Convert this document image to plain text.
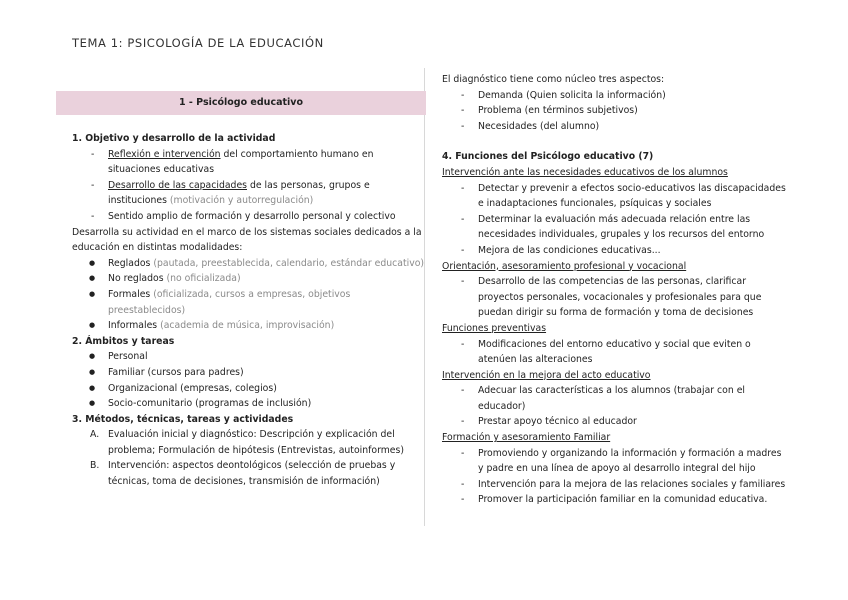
TEMA 1: PSICOLOGÍA DE LA EDUCACIÓN
1 - Psicólogo educativo
1. Objetivo y desarrollo de la actividad
- Reflexión e intervención del comportamiento humano en situaciones educativas
- Desarrollo de las capacidades de las personas, grupos e instituciones (motivación y autorregulación)
- Sentido amplio de formación y desarrollo personal y colectivo
Desarrolla su actividad en el marco de los sistemas sociales dedicados a la educación en distintas modalidades:
● Reglados (pautada, preestablecida, calendario, estándar educativo)
● No reglados (no oficializada)
● Formales (oficializada, cursos a empresas, objetivos preestablecidos)
● Informales (academia de música, improvisación)
2. Ámbitos y tareas
● Personal
● Familiar (cursos para padres)
● Organizacional (empresas, colegios)
● Socio-comunitario (programas de inclusión)
3. Métodos, técnicas, tareas y actividades
A. Evaluación inicial y diagnóstico: Descripción y explicación del problema; Formulación de hipótesis (Entrevistas, autoinformes)
B. Intervención: aspectos deontológicos (selección de pruebas y técnicas, toma de decisiones, transmisión de información)
El diagnóstico tiene como núcleo tres aspectos:
- Demanda (Quien solicita la información)
- Problema (en términos subjetivos)
- Necesidades (del alumno)
4. Funciones del Psicólogo educativo (7)
Intervención ante las necesidades educativos de los alumnos
- Detectar y prevenir a efectos socio-educativos las discapacidades e inadaptaciones funcionales, psíquicas y sociales
- Determinar la evaluación más adecuada relación entre las necesidades individuales, grupales y los recursos del entorno
- Mejora de las condiciones educativas...
Orientación, asesoramiento profesional y vocacional
- Desarrollo de las competencias de las personas, clarificar proyectos personales, vocacionales y profesionales para que puedan dirigir su forma de formación y toma de decisiones
Funciones preventivas
- Modificaciones del entorno educativo y social que eviten o atenúen las alteraciones
Intervención en la mejora del acto educativo
- Adecuar las características a los alumnos (trabajar con el educador)
- Prestar apoyo técnico al educador
Formación y asesoramiento Familiar
- Promoviendo y organizando la información y formación a madres y padre en una línea de apoyo al desarrollo integral del hijo
- Intervención para la mejora de las relaciones sociales y familiares
- Promover la participación familiar en la comunidad educativa.
